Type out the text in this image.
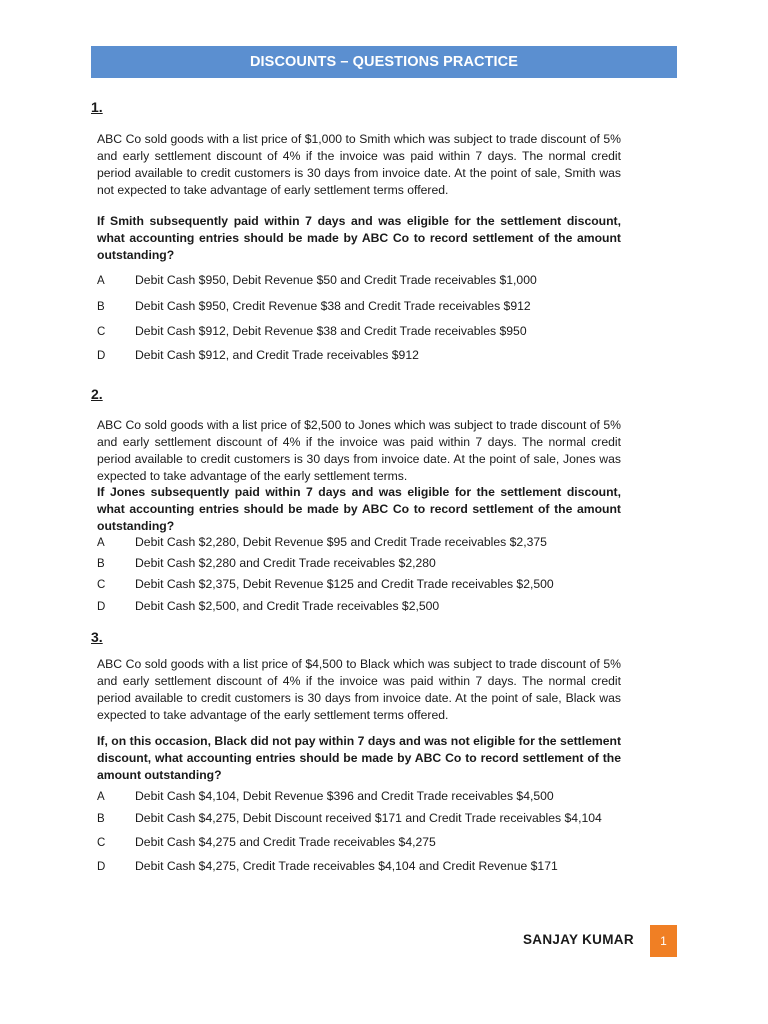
DISCOUNTS – QUESTIONS PRACTICE
1.

ABC Co sold goods with a list price of $1,000 to Smith which was subject to trade discount of 5% and early settlement discount of 4% if the invoice was paid within 7 days. The normal credit period available to credit customers is 30 days from invoice date. At the point of sale, Smith was not expected to take advantage of early settlement terms offered.

If Smith subsequently paid within 7 days and was eligible for the settlement discount, what accounting entries should be made by ABC Co to record settlement of the amount outstanding?

A Debit Cash $950, Debit Revenue $50 and Credit Trade receivables $1,000
B Debit Cash $950, Credit Revenue $38 and Credit Trade receivables $912
C Debit Cash $912, Debit Revenue $38 and Credit Trade receivables $950
D Debit Cash $912, and Credit Trade receivables $912
2.

ABC Co sold goods with a list price of $2,500 to Jones which was subject to trade discount of 5% and early settlement discount of 4% if the invoice was paid within 7 days. The normal credit period available to credit customers is 30 days from invoice date. At the point of sale, Jones was expected to take advantage of the early settlement terms.

If Jones subsequently paid within 7 days and was eligible for the settlement discount, what accounting entries should be made by ABC Co to record settlement of the amount outstanding?

A Debit Cash $2,280, Debit Revenue $95 and Credit Trade receivables $2,375
B Debit Cash $2,280 and Credit Trade receivables $2,280
C Debit Cash $2,375, Debit Revenue $125 and Credit Trade receivables $2,500
D Debit Cash $2,500, and Credit Trade receivables $2,500
3.

ABC Co sold goods with a list price of $4,500 to Black which was subject to trade discount of 5% and early settlement discount of 4% if the invoice was paid within 7 days. The normal credit period available to credit customers is 30 days from invoice date. At the point of sale, Black was expected to take advantage of the early settlement terms offered.

If, on this occasion, Black did not pay within 7 days and was not eligible for the settlement discount, what accounting entries should be made by ABC Co to record settlement of the amount outstanding?

A Debit Cash $4,104, Debit Revenue $396 and Credit Trade receivables $4,500
B Debit Cash $4,275, Debit Discount received $171 and Credit Trade receivables $4,104
C Debit Cash $4,275 and Credit Trade receivables $4,275
D Debit Cash $4,275, Credit Trade receivables $4,104 and Credit Revenue $171
SANJAY KUMAR 1
